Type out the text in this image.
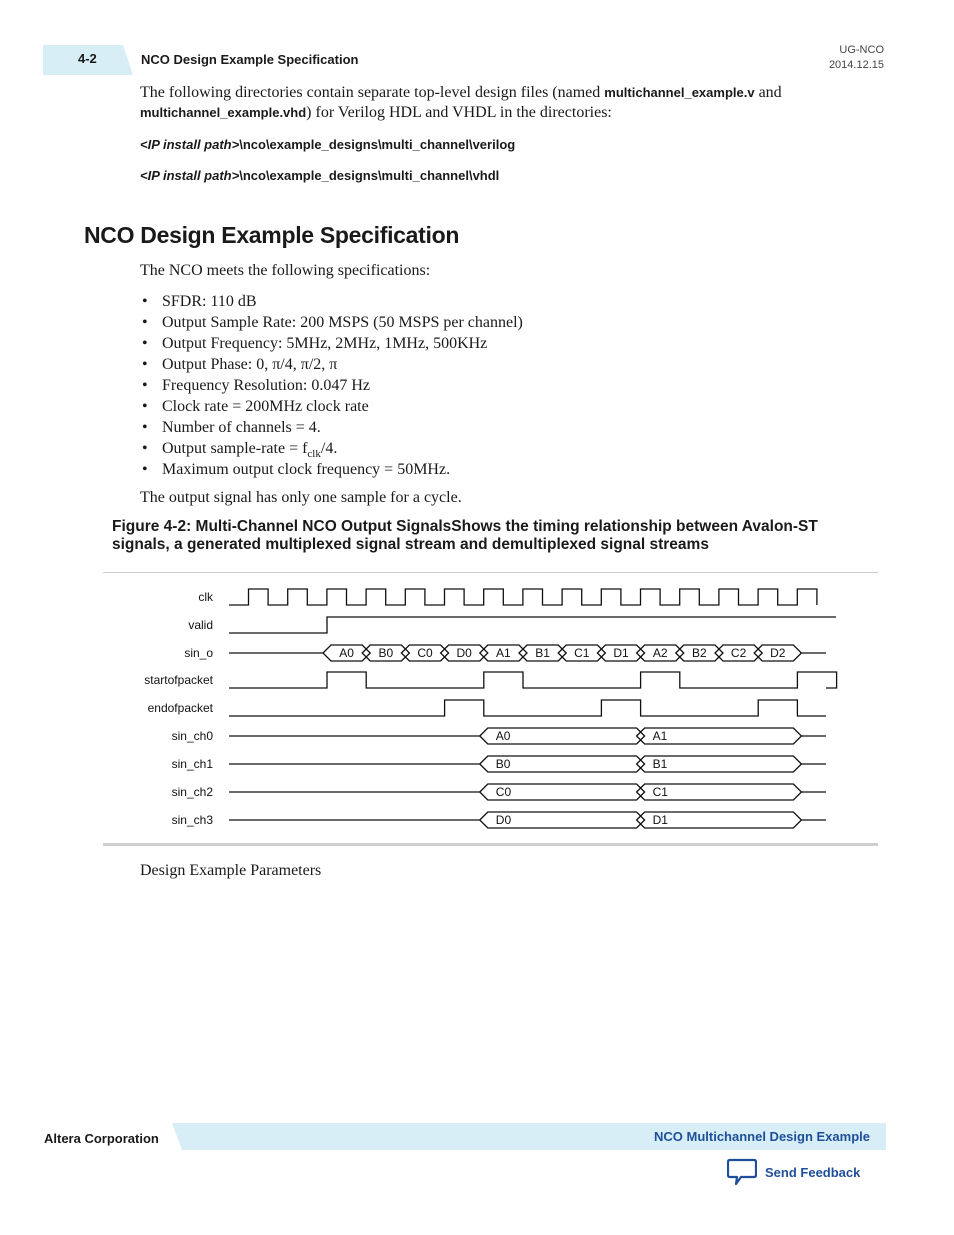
4-2	NCO Design Example Specification
UG-NCO
2014.12.15
The following directories contain separate top-level design files (named multichannel_example.v and
multichannel_example.vhd) for Verilog HDL and VHDL in the directories:
<IP install path>\nco\example_designs\multi_channel\verilog
<IP install path>\nco\example_designs\multi_channel\vhdl
NCO Design Example Specification

The NCO meets the following specifications:

• SFDR: 110 dB
• Output Sample Rate: 200 MSPS (50 MSPS per channel)
• Output Frequency: 5MHz, 2MHz, 1MHz, 500KHz
• Output Phase: 0, π/4, π/2, π
• Frequency Resolution: 0.047 Hz
• Clock rate = 200MHz clock rate
• Number of channels = 4.
• Output sample-rate = $f_{clk}/4$.
• Maximum output clock frequency = 50MHz.

The output signal has only one sample for a cycle.

Figure 4-2: Multi-Channel NCO Output SignalsShows the timing relationship between Avalon-ST signals, a generated multiplexed signal stream and demultiplexed signal streams
clk
valid
sin_o
startofpacket
endofpacket
sin_ch0
sin_ch1
sin_ch2
sin_ch3
A0 B0 C0 D0 A1 B1 C1 D1 A2 B2 C2 D2
A0	A1
B0	B1
C0	C1
D0	D1

Design Example Parameters

Altera Corporation	NCO Multichannel Design Example
Send Feedback
